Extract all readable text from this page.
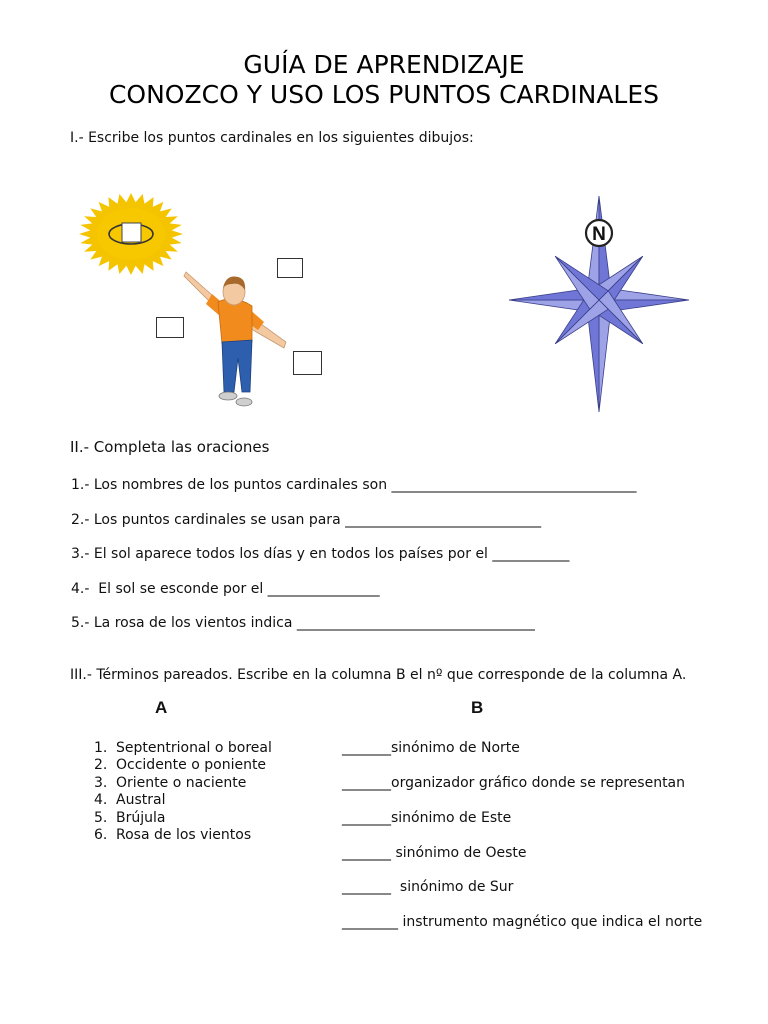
GUÍA DE APRENDIZAJE
CONOZCO Y USO LOS PUNTOS CARDINALES
I.- Escribe los puntos cardinales en los siguientes dibujos:
N
II.- Completa las oraciones
1.- Los nombres de los puntos cardinales son ___________________________________
2.- Los puntos cardinales se usan para ____________________________
3.- El sol aparece todos los días y en todos los países por el ___________
4.-  El sol se esconde por el ________________
5.- La rosa de los vientos indica __________________________________
III.- Términos pareados. Escribe en la columna B el nº que corresponde de la columna A.
A	B
1. Septentrional o boreal
2. Occidente o poniente
3. Oriente o naciente
4. Austral
5. Brújula
6. Rosa de los vientos
_______sinónimo de Norte
_______organizador gráfico donde se representan
_______sinónimo de Este
_______ sinónimo de Oeste
_______  sinónimo de Sur
________ instrumento magnético que indica el norte
